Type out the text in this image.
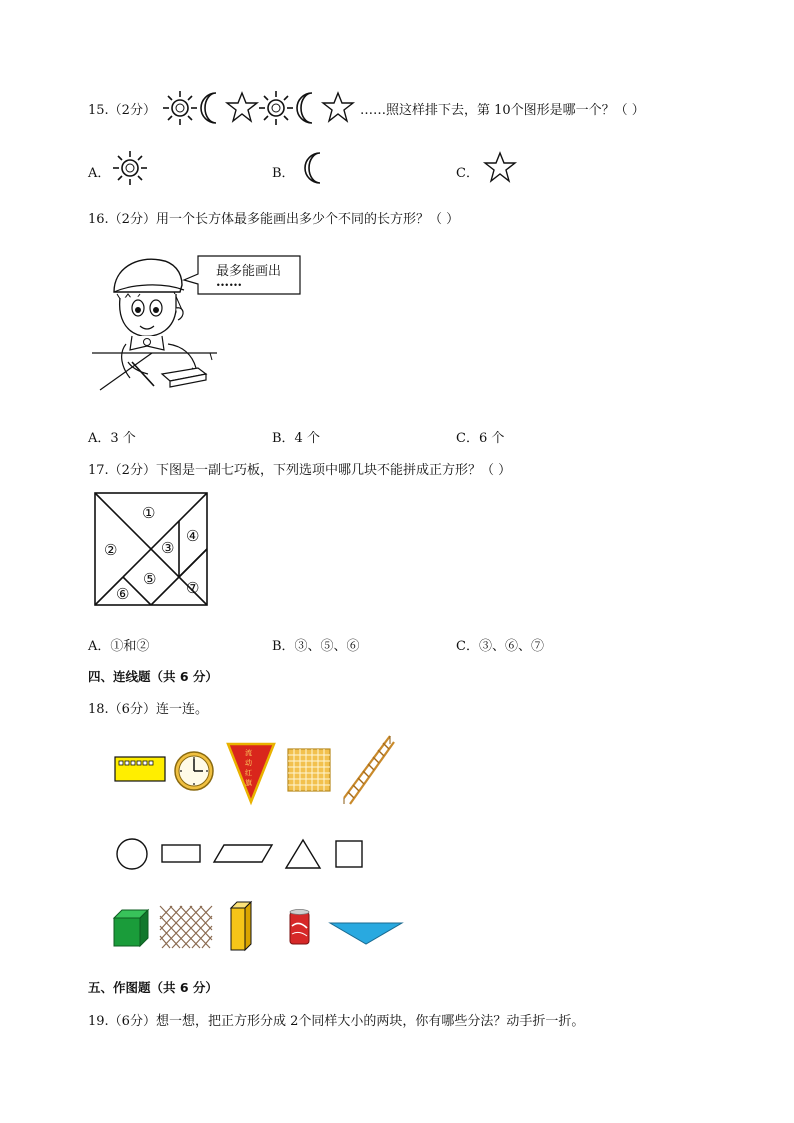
15.（2分）	……照这样排下去，第 10个图形是哪一个？（ ）
A．	B．	C．
16.（2分）用一个长方体最多能画出多少个不同的长方形？（ ）
最多能画出
……
A．3 个	B．4 个	C．6 个
17.（2分）下图是一副七巧板，下列选项中哪几块不能拼成正方形？（ ）
①
②	③
④
⑤
⑥	⑦
A．①和②	B．③、⑤、⑥	C．③、⑥、⑦
四、连线题（共 6 分）
18.（6分）连一连。
流
动
红
旗
五、作图题（共 6 分）
19.（6分）想一想，把正方形分成 2个同样大小的两块，你有哪些分法？动手折一折。
